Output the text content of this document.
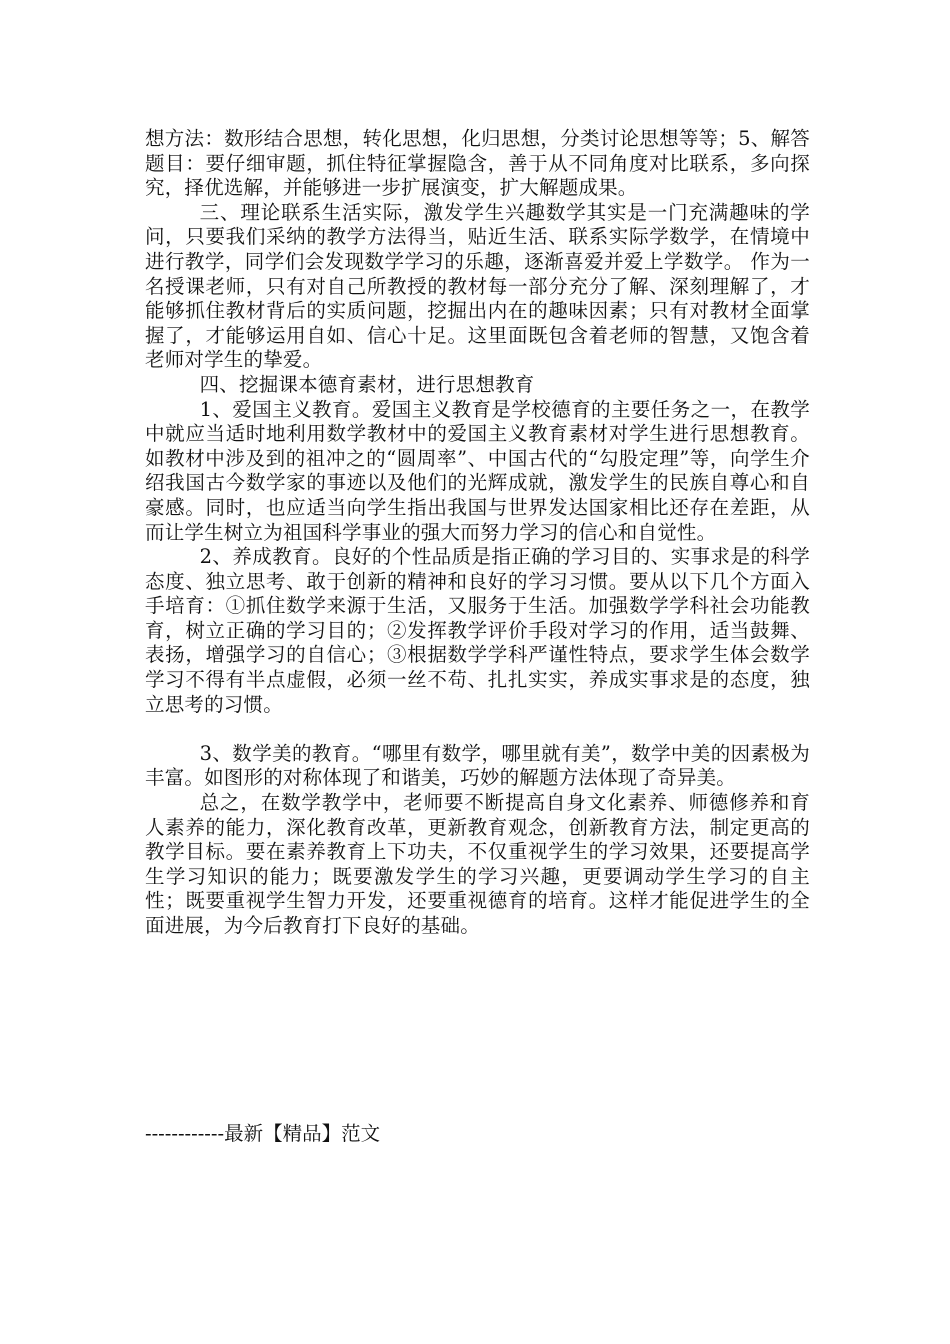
想方法：数形结合思想，转化思想，化归思想，分类讨论思想等等；5、解答题目：要仔细审题，抓住特征掌握隐含，善于从不同角度对比联系，多向探究，择优选解，并能够进一步扩展演变，扩大解题成果。

三、理论联系生活实际，激发学生兴趣数学其实是一门充满趣味的学问，只要我们采纳的教学方法得当，贴近生活、联系实际学数学，在情境中进行教学，同学们会发现数学学习的乐趣，逐渐喜爱并爱上学数学。 作为一名授课老师，只有对自己所教授的教材每一部分充分了解、深刻理解了，才能够抓住教材背后的实质问题，挖掘出内在的趣味因素；只有对教材全面掌握了，才能够运用自如、信心十足。这里面既包含着老师的智慧，又饱含着老师对学生的挚爱。

四、挖掘课本德育素材，进行思想教育

1、爱国主义教育。爱国主义教育是学校德育的主要任务之一，在教学中就应当适时地利用数学教材中的爱国主义教育素材对学生进行思想教育。如教材中涉及到的祖冲之的“圆周率”、中国古代的“勾股定理”等，向学生介绍我国古今数学家的事迹以及他们的光辉成就，激发学生的民族自尊心和自豪感。同时，也应适当向学生指出我国与世界发达国家相比还存在差距，从而让学生树立为祖国科学事业的强大而努力学习的信心和自觉性。

2、养成教育。良好的个性品质是指正确的学习目的、实事求是的科学态度、独立思考、敢于创新的精神和良好的学习习惯。要从以下几个方面入手培育：①抓住数学来源于生活，又服务于生活。加强数学学科社会功能教育，树立正确的学习目的；②发挥教学评价手段对学习的作用，适当鼓舞、表扬，增强学习的自信心；③根据数学学科严谨性特点，要求学生体会数学学习不得有半点虚假，必须一丝不苟、扎扎实实，养成实事求是的态度，独立思考的习惯。

3、数学美的教育。“哪里有数学，哪里就有美”，数学中美的因素极为丰富。如图形的对称体现了和谐美，巧妙的解题方法体现了奇异美。

总之，在数学教学中，老师要不断提高自身文化素养、师德修养和育人素养的能力，深化教育改革，更新教育观念，创新教育方法，制定更高的教学目标。要在素养教育上下功夫，不仅重视学生的学习效果，还要提高学生学习知识的能力；既要激发学生的学习兴趣，更要调动学生学习的自主性；既要重视学生智力开发，还要重视德育的培育。这样才能促进学生的全面进展，为今后教育打下良好的基础。

------------最新【精品】范文
